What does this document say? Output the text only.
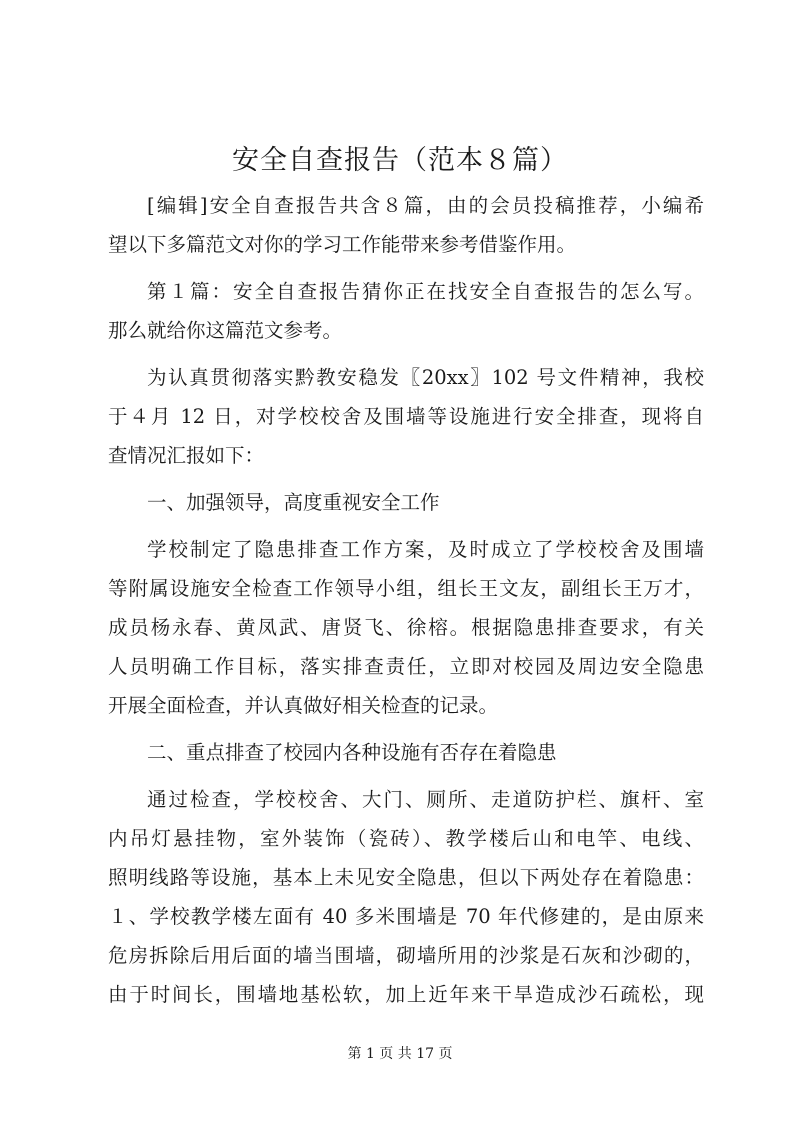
安全自查报告（范本８篇）
[编辑]安全自查报告共含８篇，由的会员投稿推荐，小编希
望以下多篇范文对你的学习工作能带来参考借鉴作用。
第１篇：安全自查报告猜你正在找安全自查报告的怎么写。
那么就给你这篇范文参考。
为认真贯彻落实黔教安稳发〖20xx〗102 号文件精神，我校
于４月 12 日，对学校校舍及围墙等设施进行安全排查，现将自
查情况汇报如下：
一、加强领导，高度重视安全工作
学校制定了隐患排查工作方案，及时成立了学校校舍及围墙
等附属设施安全检查工作领导小组，组长王文友，副组长王万才，
成员杨永春、黄凤武、唐贤飞、徐榕。根据隐患排查要求，有关
人员明确工作目标，落实排查责任，立即对校园及周边安全隐患
开展全面检查，并认真做好相关检查的记录。
二、重点排查了校园内各种设施有否存在着隐患
通过检查，学校校舍、大门、厕所、走道防护栏、旗杆、室
内吊灯悬挂物，室外装饰（瓷砖）、教学楼后山和电竿、电线、
照明线路等设施，基本上未见安全隐患，但以下两处存在着隐患：
１、学校教学楼左面有 40 多米围墙是 70 年代修建的，是由原来
危房拆除后用后面的墙当围墙，砌墙所用的沙浆是石灰和沙砌的，
由于时间长，围墙地基松软，加上近年来干旱造成沙石疏松，现
第 1 页 共 17 页
